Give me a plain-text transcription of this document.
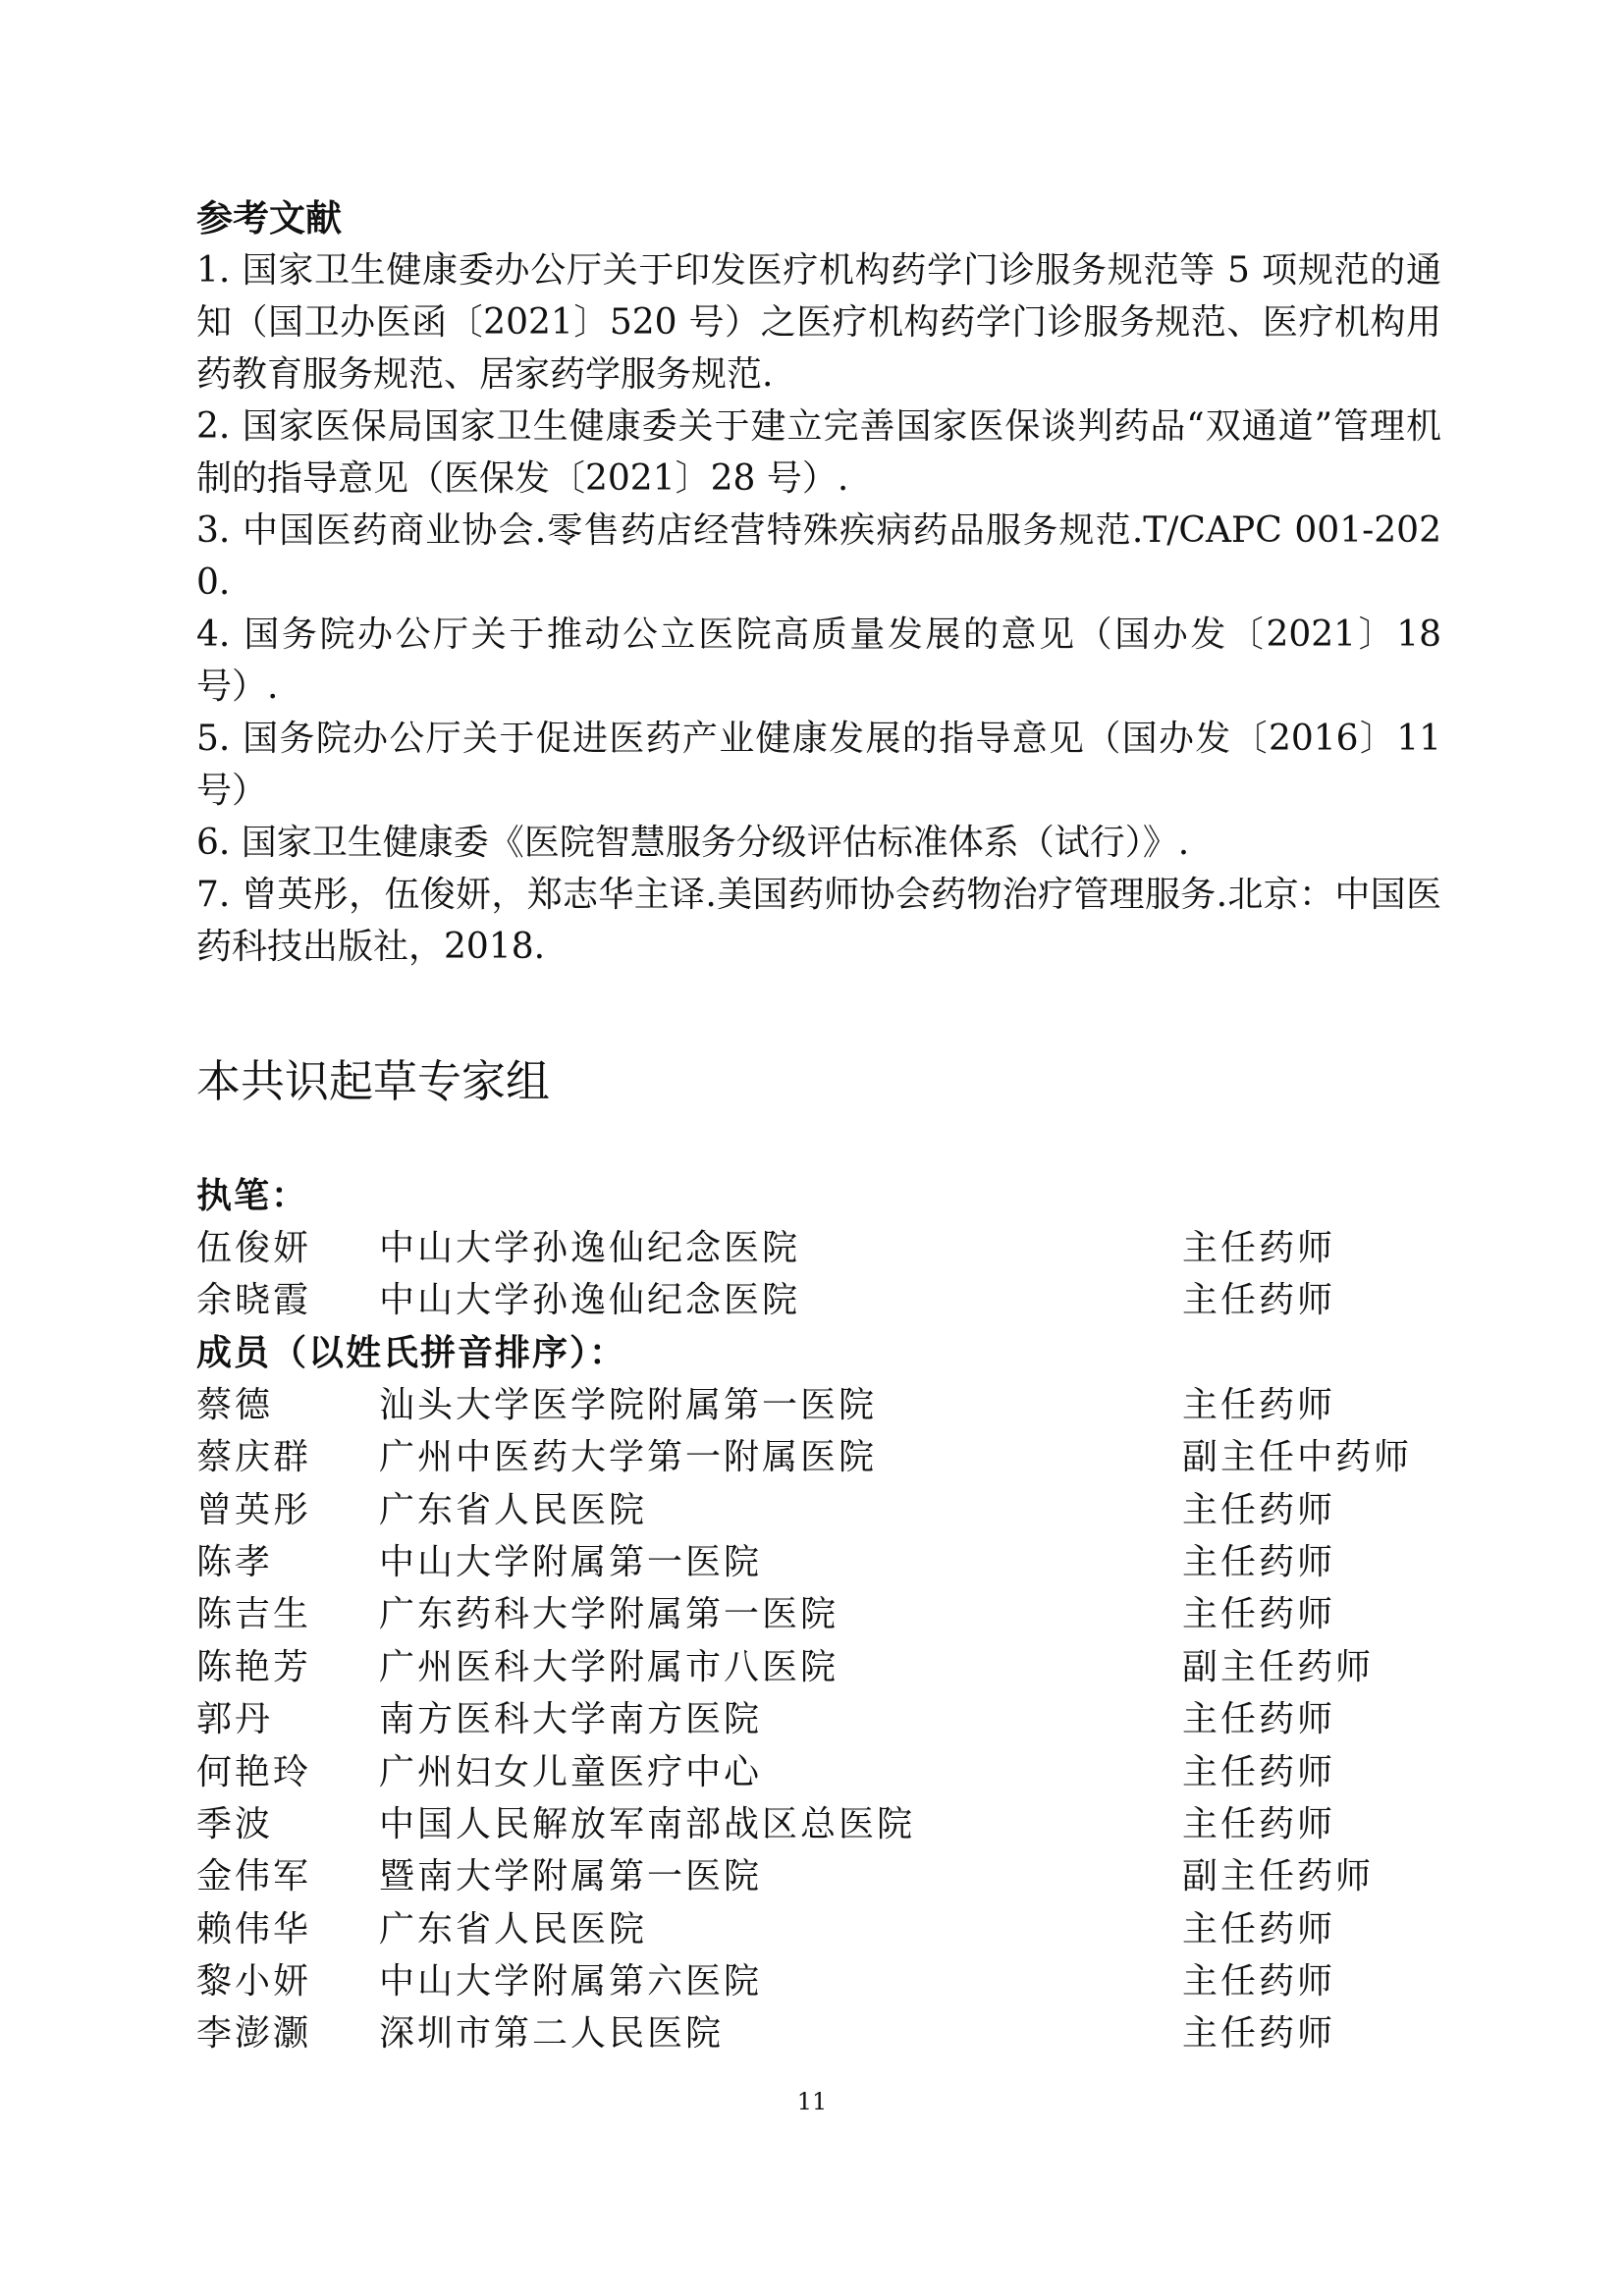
参考文献

1. 国家卫生健康委办公厅关于印发医疗机构药学门诊服务规范等 5 项规范的通知（国卫办医函〔2021〕520 号）之医疗机构药学门诊服务规范、医疗机构用药教育服务规范、居家药学服务规范.

2. 国家医保局国家卫生健康委关于建立完善国家医保谈判药品“双通道”管理机制的指导意见（医保发〔2021〕28 号）.

3. 中国医药商业协会.零售药店经营特殊疾病药品服务规范.T/CAPC 001-2020.

4. 国务院办公厅关于推动公立医院高质量发展的意见（国办发〔2021〕18 号）.

5. 国务院办公厅关于促进医药产业健康发展的指导意见（国办发〔2016〕11 号）

6. 国家卫生健康委《医院智慧服务分级评估标准体系（试行）》.

7. 曾英彤，伍俊妍，郑志华主译.美国药师协会药物治疗管理服务.北京：中国医药科技出版社，2018.

本共识起草专家组

执笔：

伍俊妍	中山大学孙逸仙纪念医院	主任药师
余晓霞	中山大学孙逸仙纪念医院	主任药师

成员（以姓氏拼音排序）：

蔡德	汕头大学医学院附属第一医院	主任药师
蔡庆群	广州中医药大学第一附属医院	副主任中药师
曾英彤	广东省人民医院	主任药师
陈孝	中山大学附属第一医院	主任药师
陈吉生	广东药科大学附属第一医院	主任药师
陈艳芳	广州医科大学附属市八医院	副主任药师
郭丹	南方医科大学南方医院	主任药师
何艳玲	广州妇女儿童医疗中心	主任药师
季波	中国人民解放军南部战区总医院	主任药师
金伟军	暨南大学附属第一医院	副主任药师
赖伟华	广东省人民医院	主任药师
黎小妍	中山大学附属第六医院	主任药师
李澎灏	深圳市第二人民医院	主任药师
11
